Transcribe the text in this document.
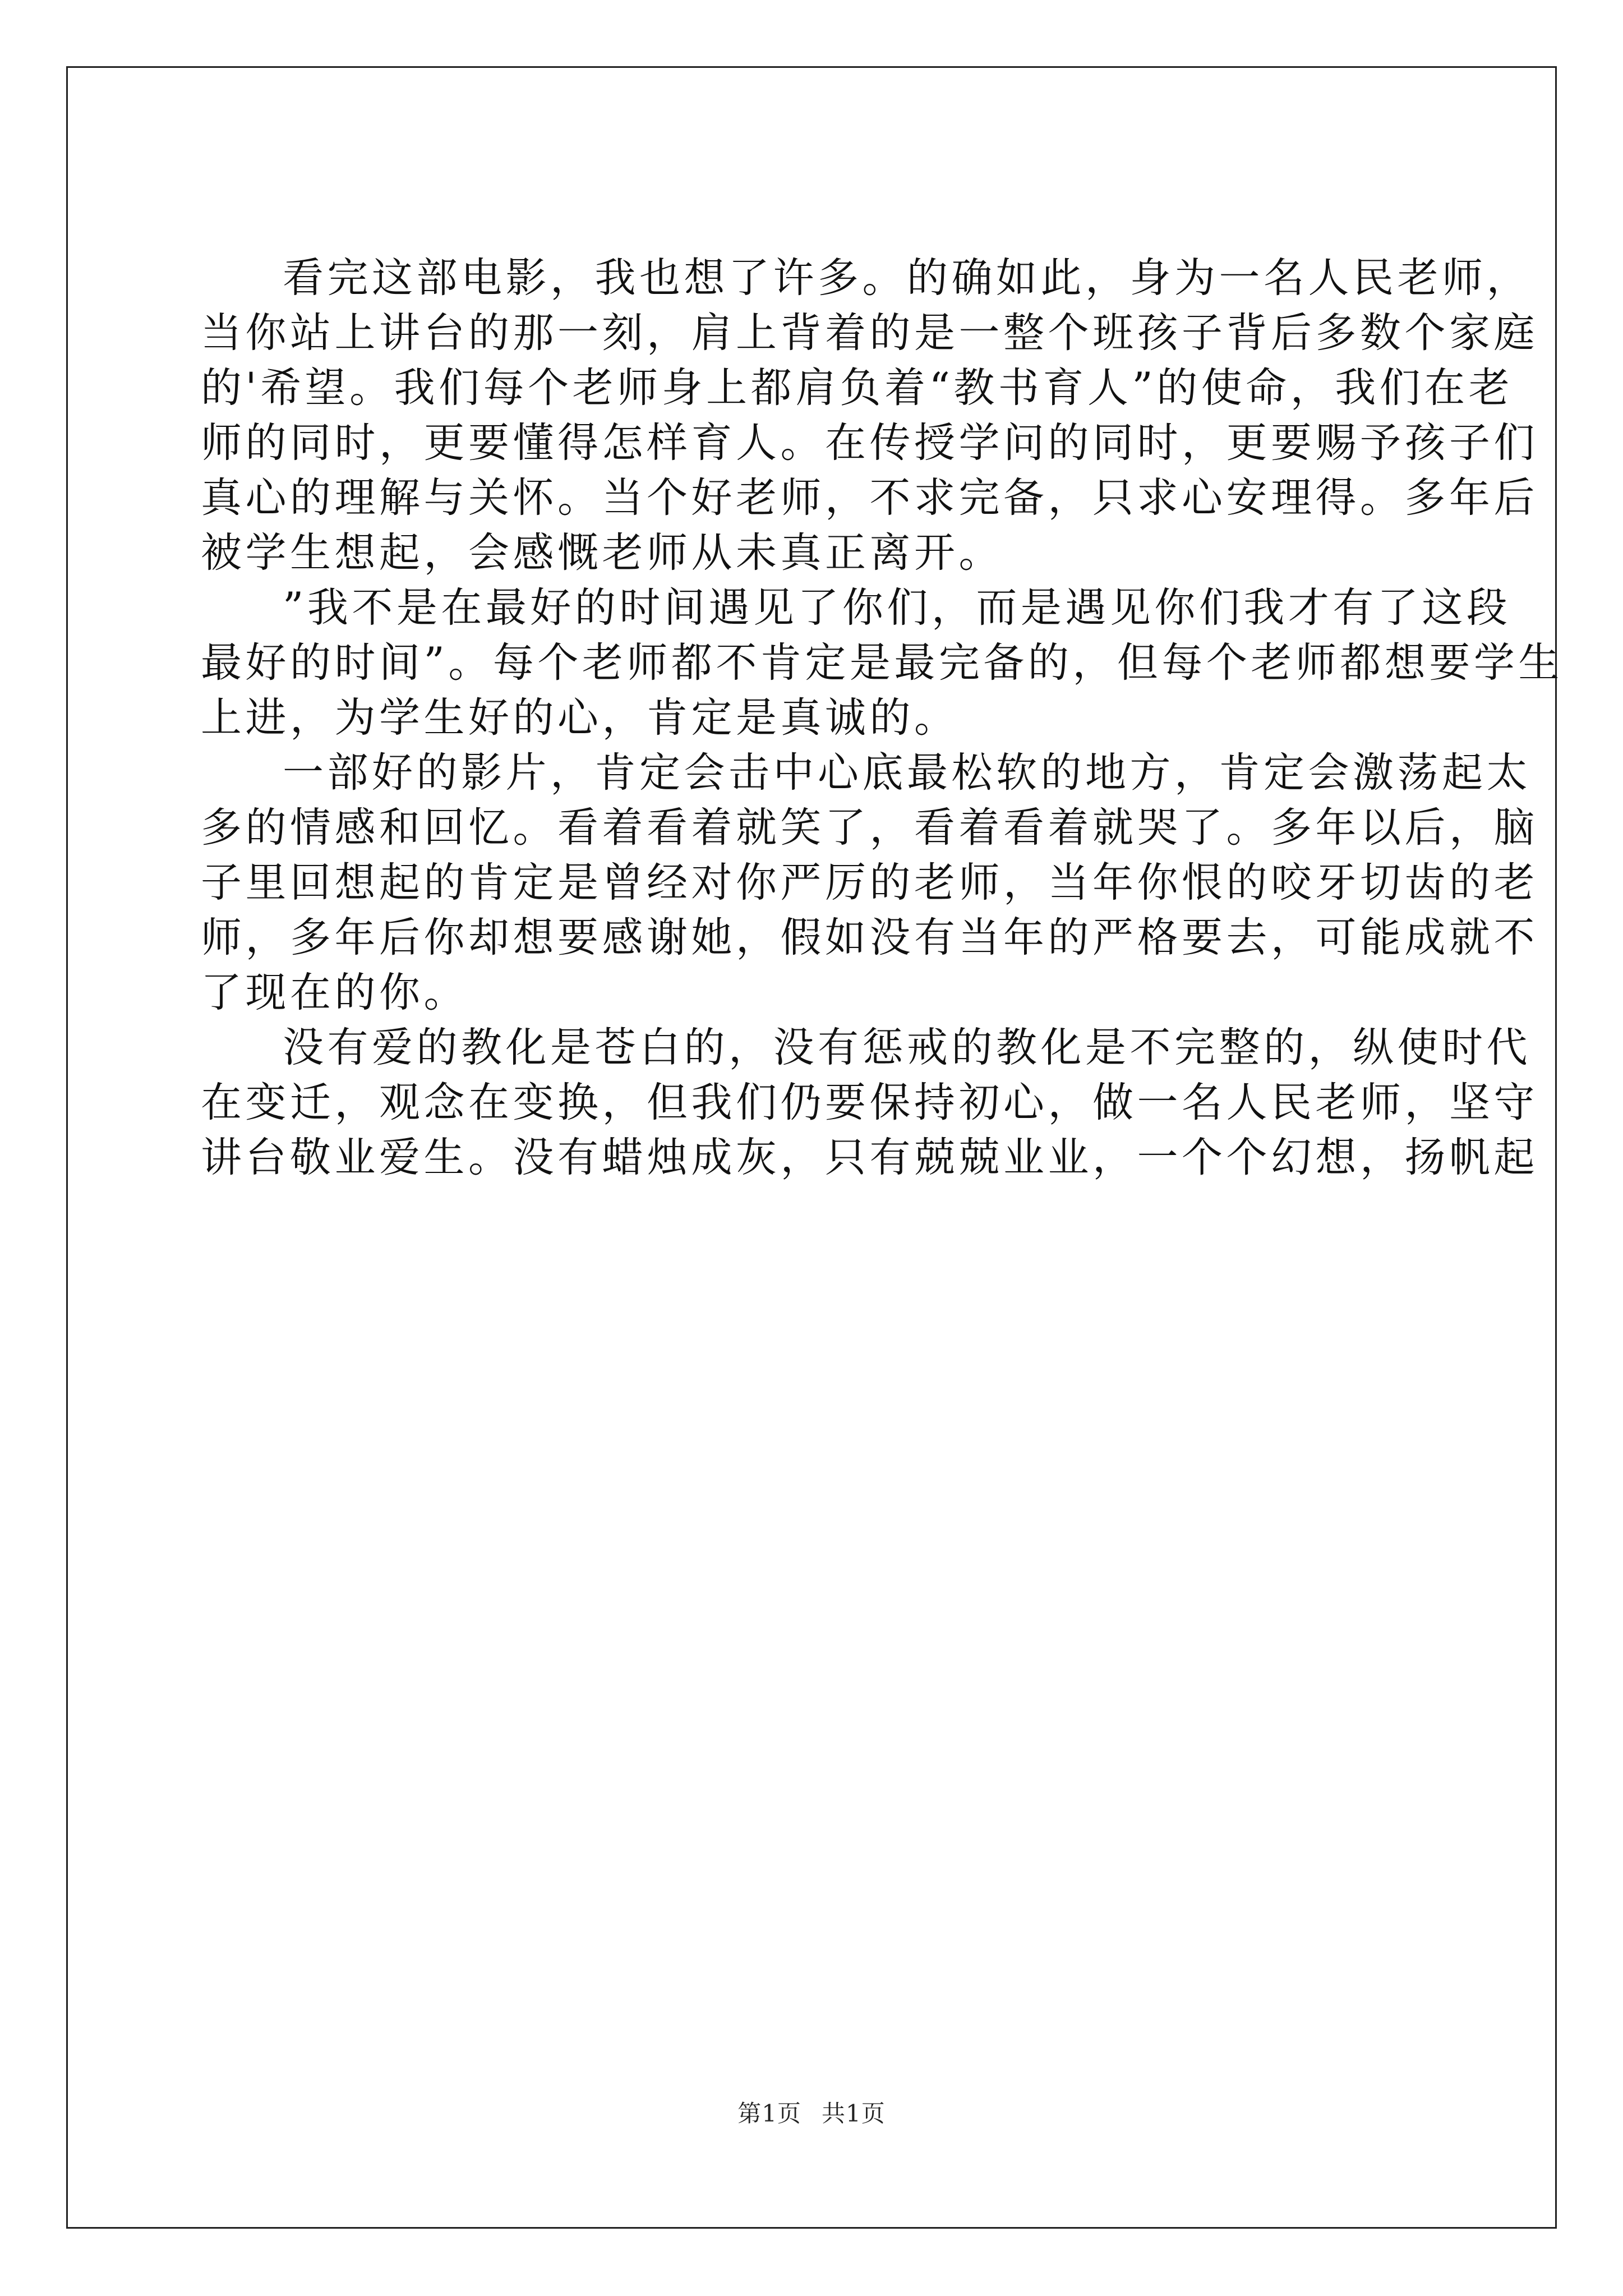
看完这部电影，我也想了许多。的确如此，身为一名人民老师，
当你站上讲台的那一刻，肩上背着的是一整个班孩子背后多数个家庭
的'希望。我们每个老师身上都肩负着“教书育人”的使命，我们在老
师的同时，更要懂得怎样育人。在传授学问的同时，更要赐予孩子们
真心的理解与关怀。当个好老师，不求完备，只求心安理得。多年后
被学生想起，会感慨老师从未真正离开。
”我不是在最好的时间遇见了你们，而是遇见你们我才有了这段
最好的时间”。每个老师都不肯定是最完备的，但每个老师都想要学生
上进，为学生好的心，肯定是真诚的。
一部好的影片，肯定会击中心底最松软的地方，肯定会激荡起太
多的情感和回忆。看着看着就笑了，看着看着就哭了。多年以后，脑
子里回想起的肯定是曾经对你严厉的老师，当年你恨的咬牙切齿的老
师，多年后你却想要感谢她，假如没有当年的严格要去，可能成就不
了现在的你。
没有爱的教化是苍白的，没有惩戒的教化是不完整的，纵使时代
在变迁，观念在变换，但我们仍要保持初心，做一名人民老师，坚守
讲台敬业爱生。没有蜡烛成灰，只有兢兢业业，一个个幻想，扬帆起
第1页 共1页
